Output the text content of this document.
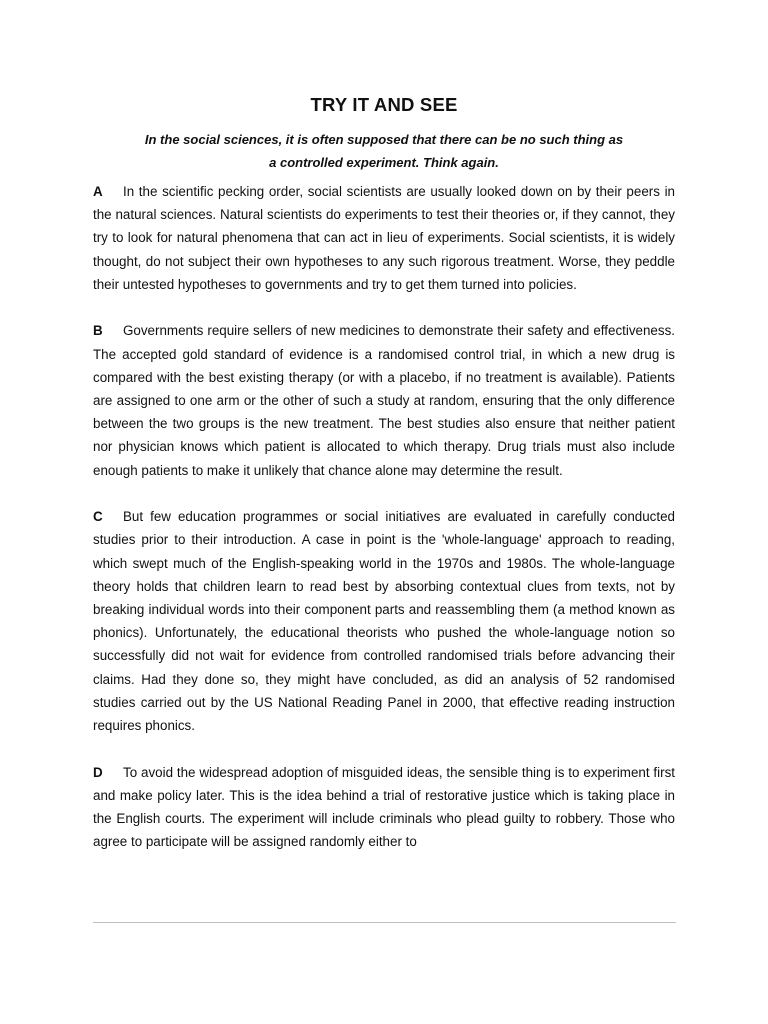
TRY IT AND SEE

In the social sciences, it is often supposed that there can be no such thing as a controlled experiment. Think again.

A In the scientific pecking order, social scientists are usually looked down on by their peers in the natural sciences. Natural scientists do experiments to test their theories or, if they cannot, they try to look for natural phenomena that can act in lieu of experiments. Social scientists, it is widely thought, do not subject their own hypotheses to any such rigorous treatment. Worse, they peddle their untested hypotheses to governments and try to get them turned into policies.

B Governments require sellers of new medicines to demonstrate their safety and effectiveness. The accepted gold standard of evidence is a randomised control trial, in which a new drug is compared with the best existing therapy (or with a placebo, if no treatment is available). Patients are assigned to one arm or the other of such a study at random, ensuring that the only difference between the two groups is the new treatment. The best studies also ensure that neither patient nor physician knows which patient is allocated to which therapy. Drug trials must also include enough patients to make it unlikely that chance alone may determine the result.

C But few education programmes or social initiatives are evaluated in carefully conducted studies prior to their introduction. A case in point is the 'whole-language' approach to reading, which swept much of the English-speaking world in the 1970s and 1980s. The whole-language theory holds that children learn to read best by absorbing contextual clues from texts, not by breaking individual words into their component parts and reassembling them (a method known as phonics). Unfortunately, the educational theorists who pushed the whole-language notion so successfully did not wait for evidence from controlled randomised trials before advancing their claims. Had they done so, they might have concluded, as did an analysis of 52 randomised studies carried out by the US National Reading Panel in 2000, that effective reading instruction requires phonics.

D To avoid the widespread adoption of misguided ideas, the sensible thing is to experiment first and make policy later. This is the idea behind a trial of restorative justice which is taking place in the English courts. The experiment will include criminals who plead guilty to robbery. Those who agree to participate will be assigned randomly either to
